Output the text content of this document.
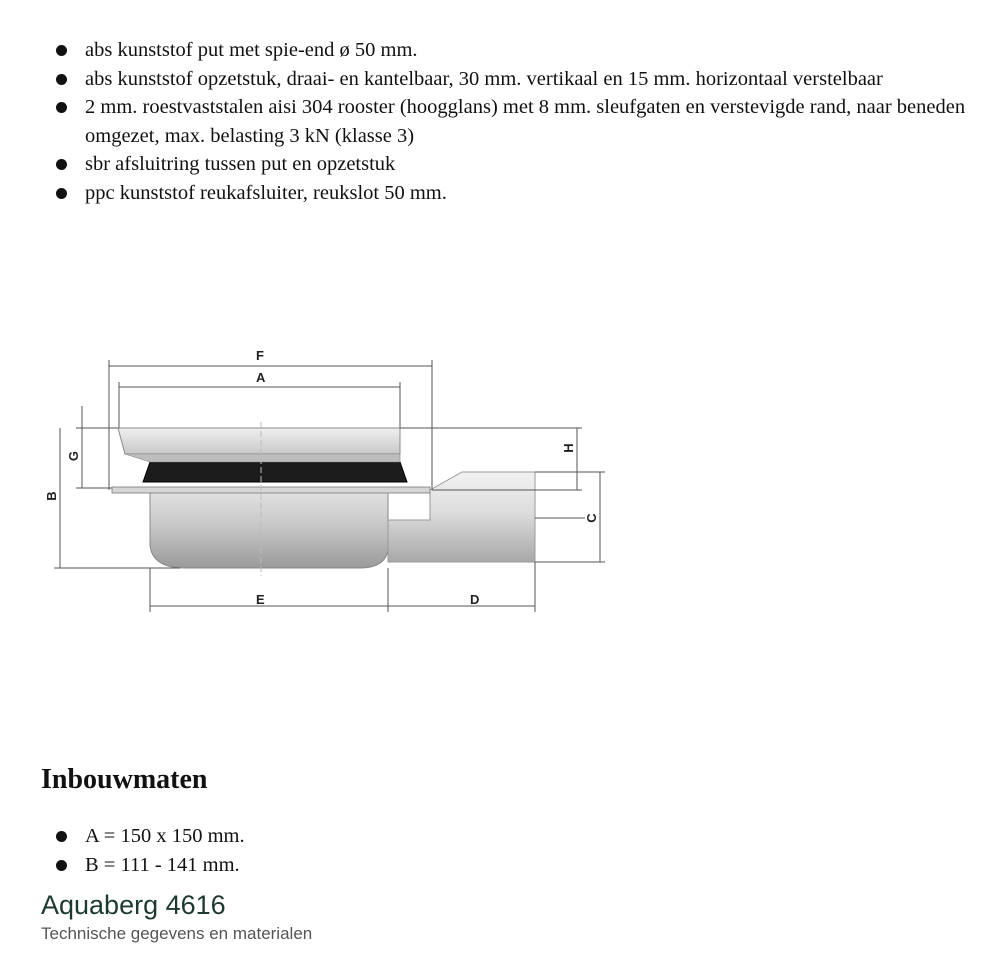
abs kunststof put met spie-end ø 50 mm.
abs kunststof opzetstuk, draai- en kantelbaar, 30 mm. vertikaal en 15 mm. horizontaal verstelbaar
2 mm. roestvaststalen aisi 304 rooster (hoogglans) met 8 mm. sleufgaten en verstevigde rand, naar beneden omgezet, max. belasting 3 kN (klasse 3)
sbr afsluitring tussen put en opzetstuk
ppc kunststof reukafsluiter, reukslot 50 mm.
F
A
E	D
G
B
H
C
Inbouwmaten
A = 150 x 150 mm.
B = 111 - 141 mm.

Aquaberg 4616

Technische gegevens en materialen
